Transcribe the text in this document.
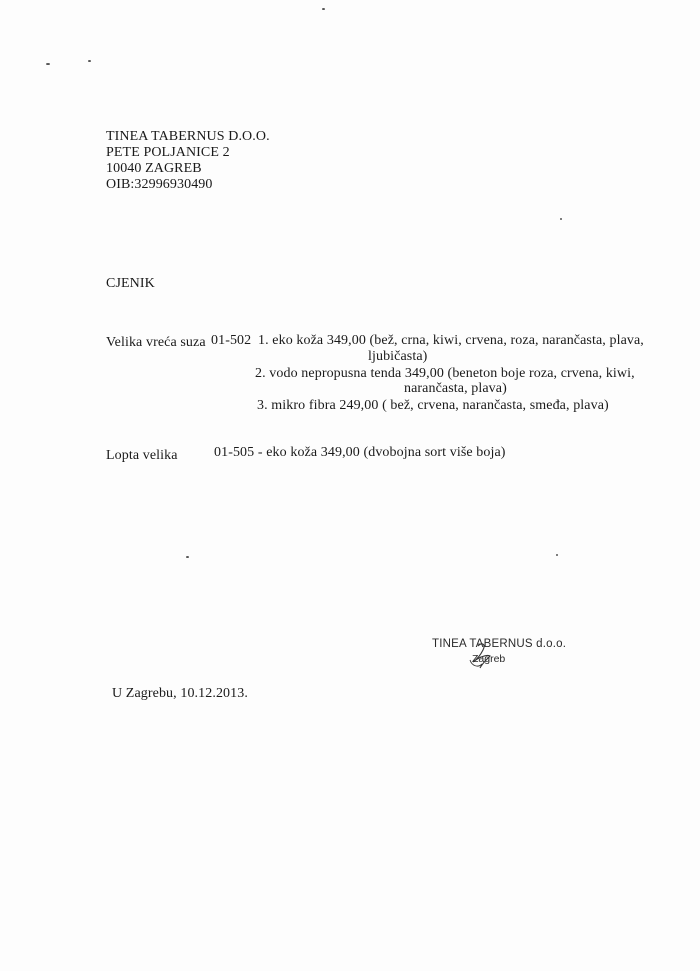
TINEA TABERNUS D.O.O.
PETE POLJANICE 2
10040 ZAGREB
OIB:32996930490
CJENIK
Velika vreća suza 01-502 1. eko koža 349,00 (bež, crna, kiwi, crvena, roza, narančasta, plava,
ljubičasta)
2. vodo nepropusna tenda 349,00 (beneton boje roza, crvena, kiwi,
narančasta, plava)
3. mikro fibra 249,00 ( bež, crvena, narančasta, smeđa, plava)
Lopta velika	01-505 - eko koža 349,00 (dvobojna sort više boja)
TINEA TABERNUS d.o.o.
Zagreb
U Zagrebu, 10.12.2013.
